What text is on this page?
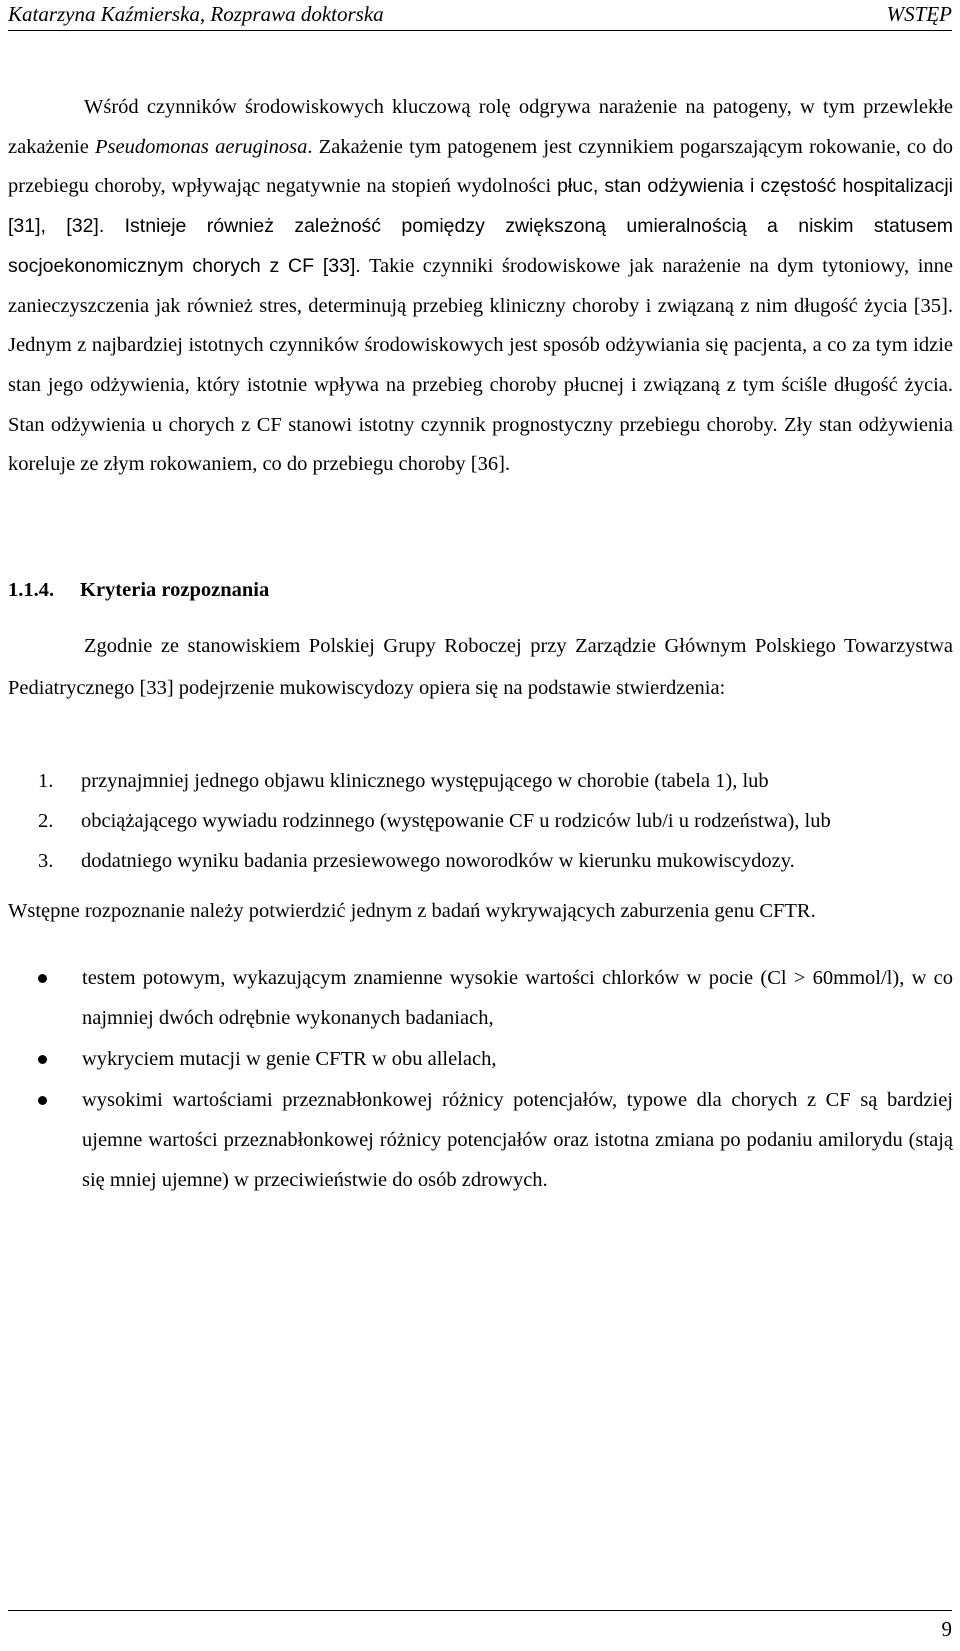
Katarzyna Kaźmierska, Rozprawa doktorska	WSTĘP

Wśród czynników środowiskowych kluczową rolę odgrywa narażenie na patogeny, w tym przewlekłe zakażenie Pseudomonas aeruginosa. Zakażenie tym patogenem jest czynnikiem pogarszającym rokowanie, co do przebiegu choroby, wpływając negatywnie na stopień wydolności płuc, stan odżywienia i częstość hospitalizacji [31], [32]. Istnieje również zależność pomiędzy zwiększoną umieralnością a niskim statusem socjoekonomicznym chorych z CF [33]. Takie czynniki środowiskowe jak narażenie na dym tytoniowy, inne zanieczyszczenia jak również stres, determinują przebieg kliniczny choroby i związaną z nim długość życia [35]. Jednym z najbardziej istotnych czynników środowiskowych jest sposób odżywiania się pacjenta, a co za tym idzie stan jego odżywienia, który istotnie wpływa na przebieg choroby płucnej i związaną z tym ściśle długość życia. Stan odżywienia u chorych z CF stanowi istotny czynnik prognostyczny przebiegu choroby. Zły stan odżywienia koreluje ze złym rokowaniem, co do przebiegu choroby [36].

1.1.4. Kryteria rozpoznania

Zgodnie ze stanowiskiem Polskiej Grupy Roboczej przy Zarządzie Głównym Polskiego Towarzystwa Pediatrycznego [33] podejrzenie mukowiscydozy opiera się na podstawie stwierdzenia:

1. przynajmniej jednego objawu klinicznego występującego w chorobie (tabela 1), lub
2. obciążającego wywiadu rodzinnego (występowanie CF u rodziców lub/i u rodzeństwa), lub
3. dodatniego wyniku badania przesiewowego noworodków w kierunku mukowiscydozy.
Wstępne rozpoznanie należy potwierdzić jednym z badań wykrywających zaburzenia genu CFTR.
testem potowym, wykazującym znamienne wysokie wartości chlorków w pocie (Cl > 60mmol/l), w co najmniej dwóch odrębnie wykonanych badaniach,
wykryciem mutacji w genie CFTR w obu allelach,
wysokimi wartościami przeznabłonkowej różnicy potencjałów, typowe dla chorych z CF są bardziej ujemne wartości przeznabłonkowej różnicy potencjałów oraz istotna zmiana po podaniu amilorydu (stają się mniej ujemne) w przeciwieństwie do osób zdrowych.
9
